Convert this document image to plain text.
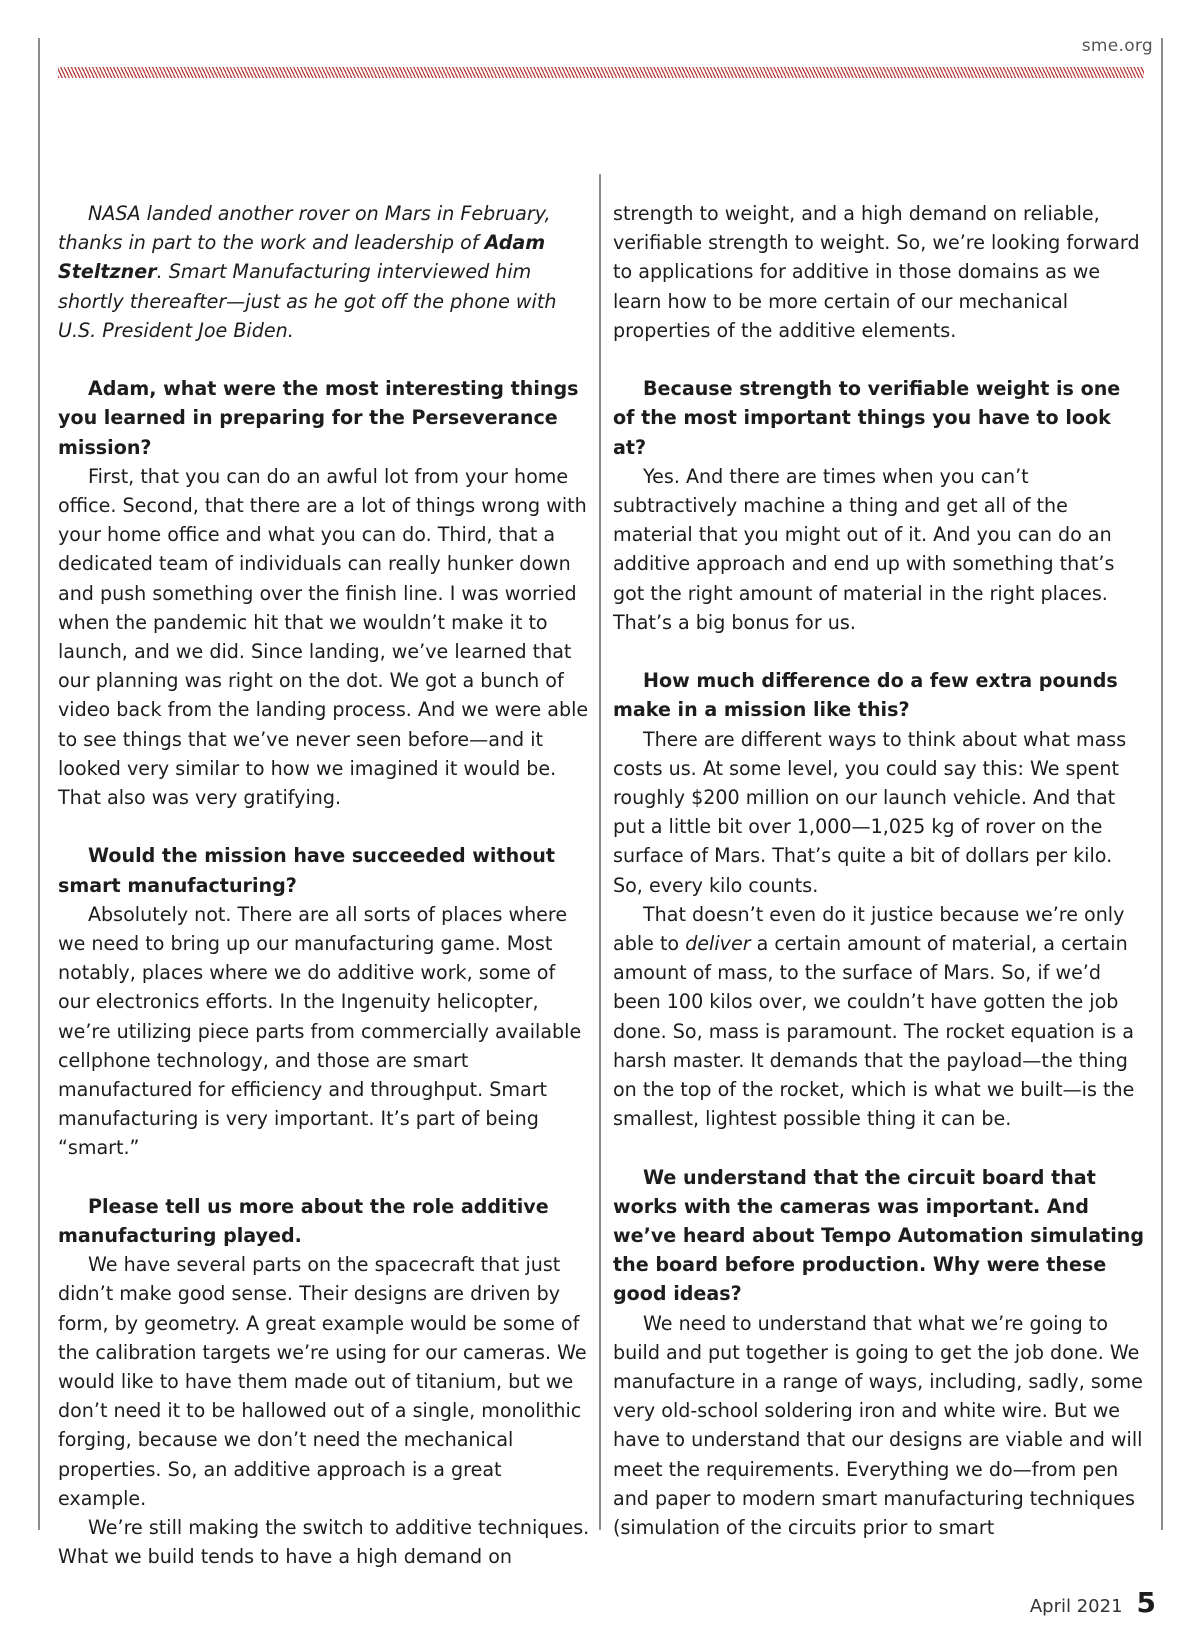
sme.org

NASA landed another rover on Mars in February, thanks in part to the work and leadership of Adam Steltzner. Smart Manufacturing interviewed him shortly thereafter—just as he got off the phone with U.S. President Joe Biden.

Adam, what were the most interesting things you learned in preparing for the Perseverance mission?

First, that you can do an awful lot from your home office. Second, that there are a lot of things wrong with your home office and what you can do. Third, that a dedicated team of individuals can really hunker down and push something over the finish line. I was worried when the pandemic hit that we wouldn’t make it to launch, and we did. Since landing, we’ve learned that our planning was right on the dot. We got a bunch of video back from the landing process. And we were able to see things that we’ve never seen before—and it looked very similar to how we imagined it would be. That also was very gratifying.

Would the mission have succeeded without smart manufacturing?

Absolutely not. There are all sorts of places where we need to bring up our manufacturing game. Most notably, places where we do additive work, some of our electronics efforts. In the Ingenuity helicopter, we’re utilizing piece parts from commercially available cellphone technology, and those are smart manufactured for efficiency and throughput. Smart manufacturing is very important. It’s part of being “smart.”

Please tell us more about the role additive manufacturing played.

We have several parts on the spacecraft that just didn’t make good sense. Their designs are driven by form, by geometry. A great example would be some of the calibration targets we’re using for our cameras. We would like to have them made out of titanium, but we don’t need it to be hallowed out of a single, monolithic forging, because we don’t need the mechanical properties. So, an additive approach is a great example.

We’re still making the switch to additive techniques. What we build tends to have a high demand on

strength to weight, and a high demand on reliable, verifiable strength to weight. So, we’re looking forward to applications for additive in those domains as we learn how to be more certain of our mechanical properties of the additive elements.

Because strength to verifiable weight is one of the most important things you have to look at?

Yes. And there are times when you can’t subtractively machine a thing and get all of the material that you might out of it. And you can do an additive approach and end up with something that’s got the right amount of material in the right places. That’s a big bonus for us.

How much difference do a few extra pounds make in a mission like this?

There are different ways to think about what mass costs us. At some level, you could say this: We spent roughly $200 million on our launch vehicle. And that put a little bit over 1,000—1,025 kg of rover on the surface of Mars. That’s quite a bit of dollars per kilo. So, every kilo counts.

That doesn’t even do it justice because we’re only able to deliver a certain amount of material, a certain amount of mass, to the surface of Mars. So, if we’d been 100 kilos over, we couldn’t have gotten the job done. So, mass is paramount. The rocket equation is a harsh master. It demands that the payload—the thing on the top of the rocket, which is what we built—is the smallest, lightest possible thing it can be.

We understand that the circuit board that works with the cameras was important. And we’ve heard about Tempo Automation simulating the board before production. Why were these good ideas?

We need to understand that what we’re going to build and put together is going to get the job done. We manufacture in a range of ways, including, sadly, some very old-school soldering iron and white wire. But we have to understand that our designs are viable and will meet the requirements. Everything we do—from pen and paper to modern smart manufacturing techniques (simulation of the circuits prior to smart

April 2021 5
